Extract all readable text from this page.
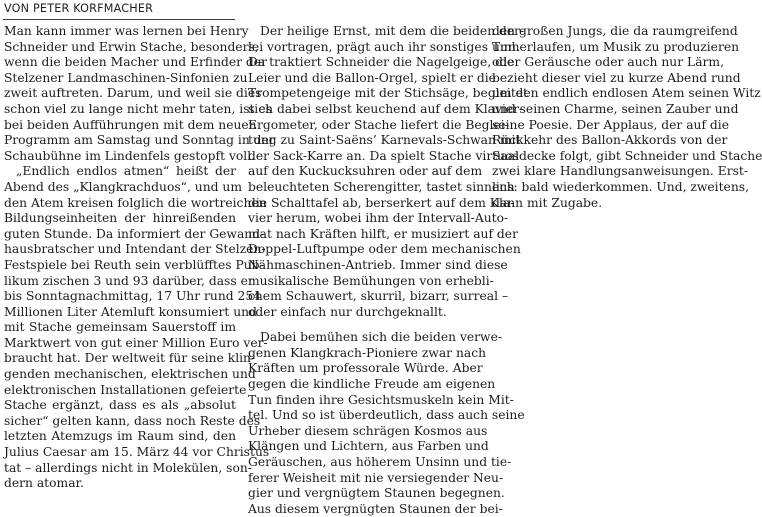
VON PETER KORFMACHER
Man kann immer was lernen bei Henry
Schneider und Erwin Stache, besonders,
wenn die beiden Macher und Erfinder der
Stelzener Landmaschinen-Sinfonien zu
zweit auftreten. Darum, und weil sie dies
schon viel zu lange nicht mehr taten, ist es
bei beiden Aufführungen mit dem neuen
Programm am Samstag und Sonntag in der
Schaubühne im Lindenfels gestopft voll.
„Endlich endlos atmen“ heißt der
Abend des „Klangkrachduos“, und um
den Atem kreisen folglich die wortreichen
Bildungseinheiten der hinreißenden
guten Stunde. Da informiert der Gewand-
hausbratscher und Intendant der Stelzen-
Festspiele bei Reuth sein verblüfftes Pub-
likum zischen 3 und 93 darüber, dass er
bis Sonntagnachmittag, 17 Uhr rund 254
Millionen Liter Atemluft konsumiert und
mit Stache gemeinsam Sauerstoff im
Marktwert von gut einer Million Euro ver-
braucht hat. Der weltweit für seine klin-
genden mechanischen, elektrischen und
elektronischen Installationen gefeierte
Stache ergänzt, dass es als „absolut
sicher“ gelten kann, dass noch Reste des
letzten Atemzugs im Raum sind, den
Julius Caesar am 15. März 44 vor Christus
tat – allerdings nicht in Molekülen, son-
dern atomar.
Der heilige Ernst, mit dem die beiden der-
lei vortragen, prägt auch ihr sonstiges Tun.
Da traktiert Schneider die Nagelgeige, die
Leier und die Ballon-Orgel, spielt er die
Trompetengeige mit der Stichsäge, begleitet
sich dabei selbst keuchend auf dem Klavier-
Ergometer, oder Stache liefert die Beglei-
tung zu Saint-Saëns’ Karnevals-Schwan mit
der Sack-Karre an. Da spielt Stache virtuos
auf den Kuckucksuhren oder auf dem
beleuchteten Scherengitter, tastet sinnlich
die Schalttafel ab, berserkert auf dem Kla-
vier herum, wobei ihm der Intervall-Auto-
mat nach Kräften hilft, er musiziert auf der
Doppel-Luftpumpe oder dem mechanischen
Nähmaschinen-Antrieb. Immer sind diese
musikalische Bemühungen von erhebli-
chem Schauwert, skurril, bizarr, surreal –
oder einfach nur durchgeknallt.
Dabei bemühen sich die beiden verwe-
genen Klangkrach-Pioniere zwar nach
Kräften um professorale Würde. Aber
gegen die kindliche Freude am eigenen
Tun finden ihre Gesichtsmuskeln kein Mit-
tel. Und so ist überdeutlich, dass auch seine
Urheber diesem schrägen Kosmos aus
Klängen und Lichtern, aus Farben und
Geräuschen, aus höherem Unsinn und tie-
ferer Weisheit mit nie versiegender Neu-
gier und vergnügtem Staunen begegnen.
Aus diesem vergnügten Staunen der bei-
den großen Jungs, die da raumgreifend
umherlaufen, um Musik zu produzieren
oder Geräusche oder auch nur Lärm,
bezieht dieser viel zu kurze Abend rund
um den endlich endlosen Atem seinen Witz
und seinen Charme, seinen Zauber und
seine Poesie. Der Applaus, der auf die
Rückkehr des Ballon-Akkords von der
Saaldecke folgt, gibt Schneider und Stache
zwei klare Handlungsanweisungen. Erst-
ens: bald wiederkommen. Und, zweitens,
dann mit Zugabe.
